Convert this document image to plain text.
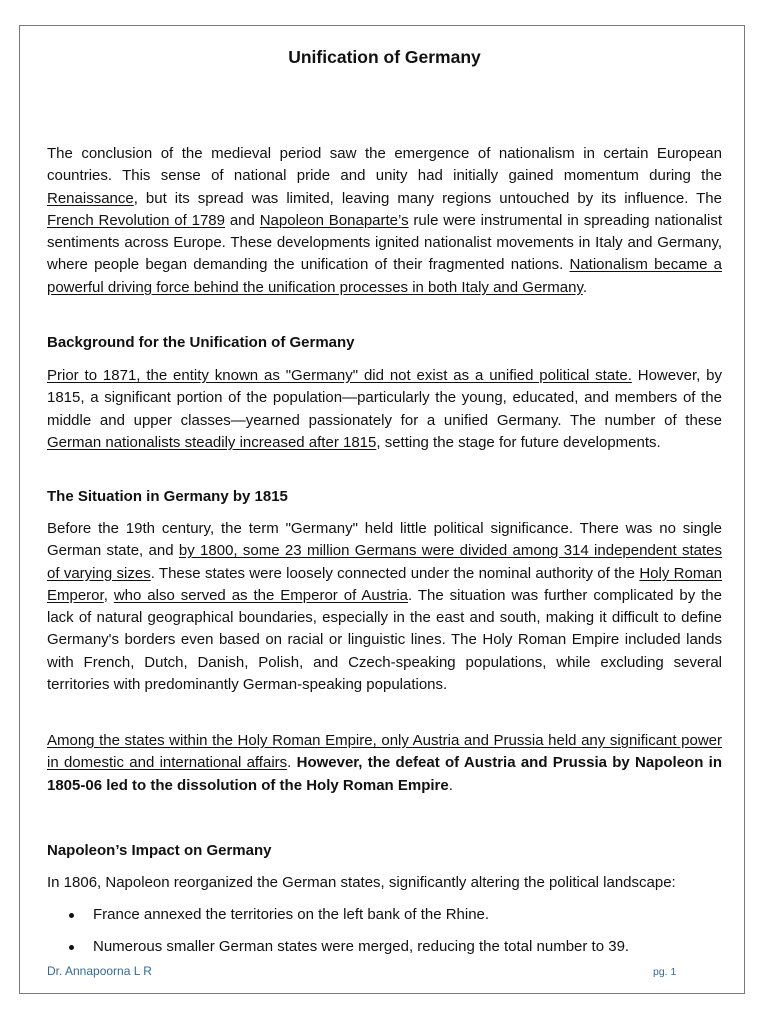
Unification of Germany

The conclusion of the medieval period saw the emergence of nationalism in certain European countries. This sense of national pride and unity had initially gained momentum during the Renaissance, but its spread was limited, leaving many regions untouched by its influence. The French Revolution of 1789 and Napoleon Bonaparte’s rule were instrumental in spreading nationalist sentiments across Europe. These developments ignited nationalist movements in Italy and Germany, where people began demanding the unification of their fragmented nations. Nationalism became a powerful driving force behind the unification processes in both Italy and Germany.

Background for the Unification of Germany

Prior to 1871, the entity known as "Germany" did not exist as a unified political state. However, by 1815, a significant portion of the population—particularly the young, educated, and members of the middle and upper classes—yearned passionately for a unified Germany. The number of these German nationalists steadily increased after 1815, setting the stage for future developments.

The Situation in Germany by 1815

Before the 19th century, the term "Germany" held little political significance. There was no single German state, and by 1800, some 23 million Germans were divided among 314 independent states of varying sizes. These states were loosely connected under the nominal authority of the Holy Roman Emperor, who also served as the Emperor of Austria. The situation was further complicated by the lack of natural geographical boundaries, especially in the east and south, making it difficult to define Germany's borders even based on racial or linguistic lines. The Holy Roman Empire included lands with French, Dutch, Danish, Polish, and Czech-speaking populations, while excluding several territories with predominantly German-speaking populations.

Among the states within the Holy Roman Empire, only Austria and Prussia held any significant power in domestic and international affairs. However, the defeat of Austria and Prussia by Napoleon in 1805-06 led to the dissolution of the Holy Roman Empire.

Napoleon’s Impact on Germany

In 1806, Napoleon reorganized the German states, significantly altering the political landscape:

France annexed the territories on the left bank of the Rhine.
Numerous smaller German states were merged, reducing the total number to 39.
Dr. Annapoorna L R	pg. 1
